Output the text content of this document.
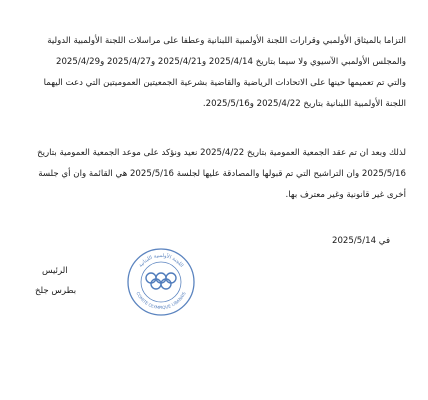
التزاما بالميثاق الأولمبي وقرارات اللجنة الأولمبية اللبنانية وعطفا على مراسلات اللجنة الأولمبية الدولية
والمجلس الأولمبي الآسيوي ولا سيما بتاريخ 2025/4/14 و2025/4/21 و2025/4/27 و2025/4/29
والتي تم تعميمها حينها على الاتحادات الرياضية والقاضية بشرعية الجمعيتين العموميتين التي دعت اليهما
اللجنة الأولمبية اللبنانية بتاريخ 2025/4/22 و2025/5/16.
لذلك وبعد ان تم عقد الجمعية العمومية بتاريخ 2025/4/22 نعيد ونؤكد على موعد الجمعية العمومية بتاريخ
2025/5/16 وان التراشيح التي تم قبولها والمصادقة عليها لجلسة 2025/5/16 هي القائمة وان أي جلسة
أخرى غير قانونية وغير معترف بها.
في 2025/5/14
اللجنة الأولمبية اللبنانية
COMITE OLYMPIQUE LIBANAIS
الرئيس
بطرس جلخ
